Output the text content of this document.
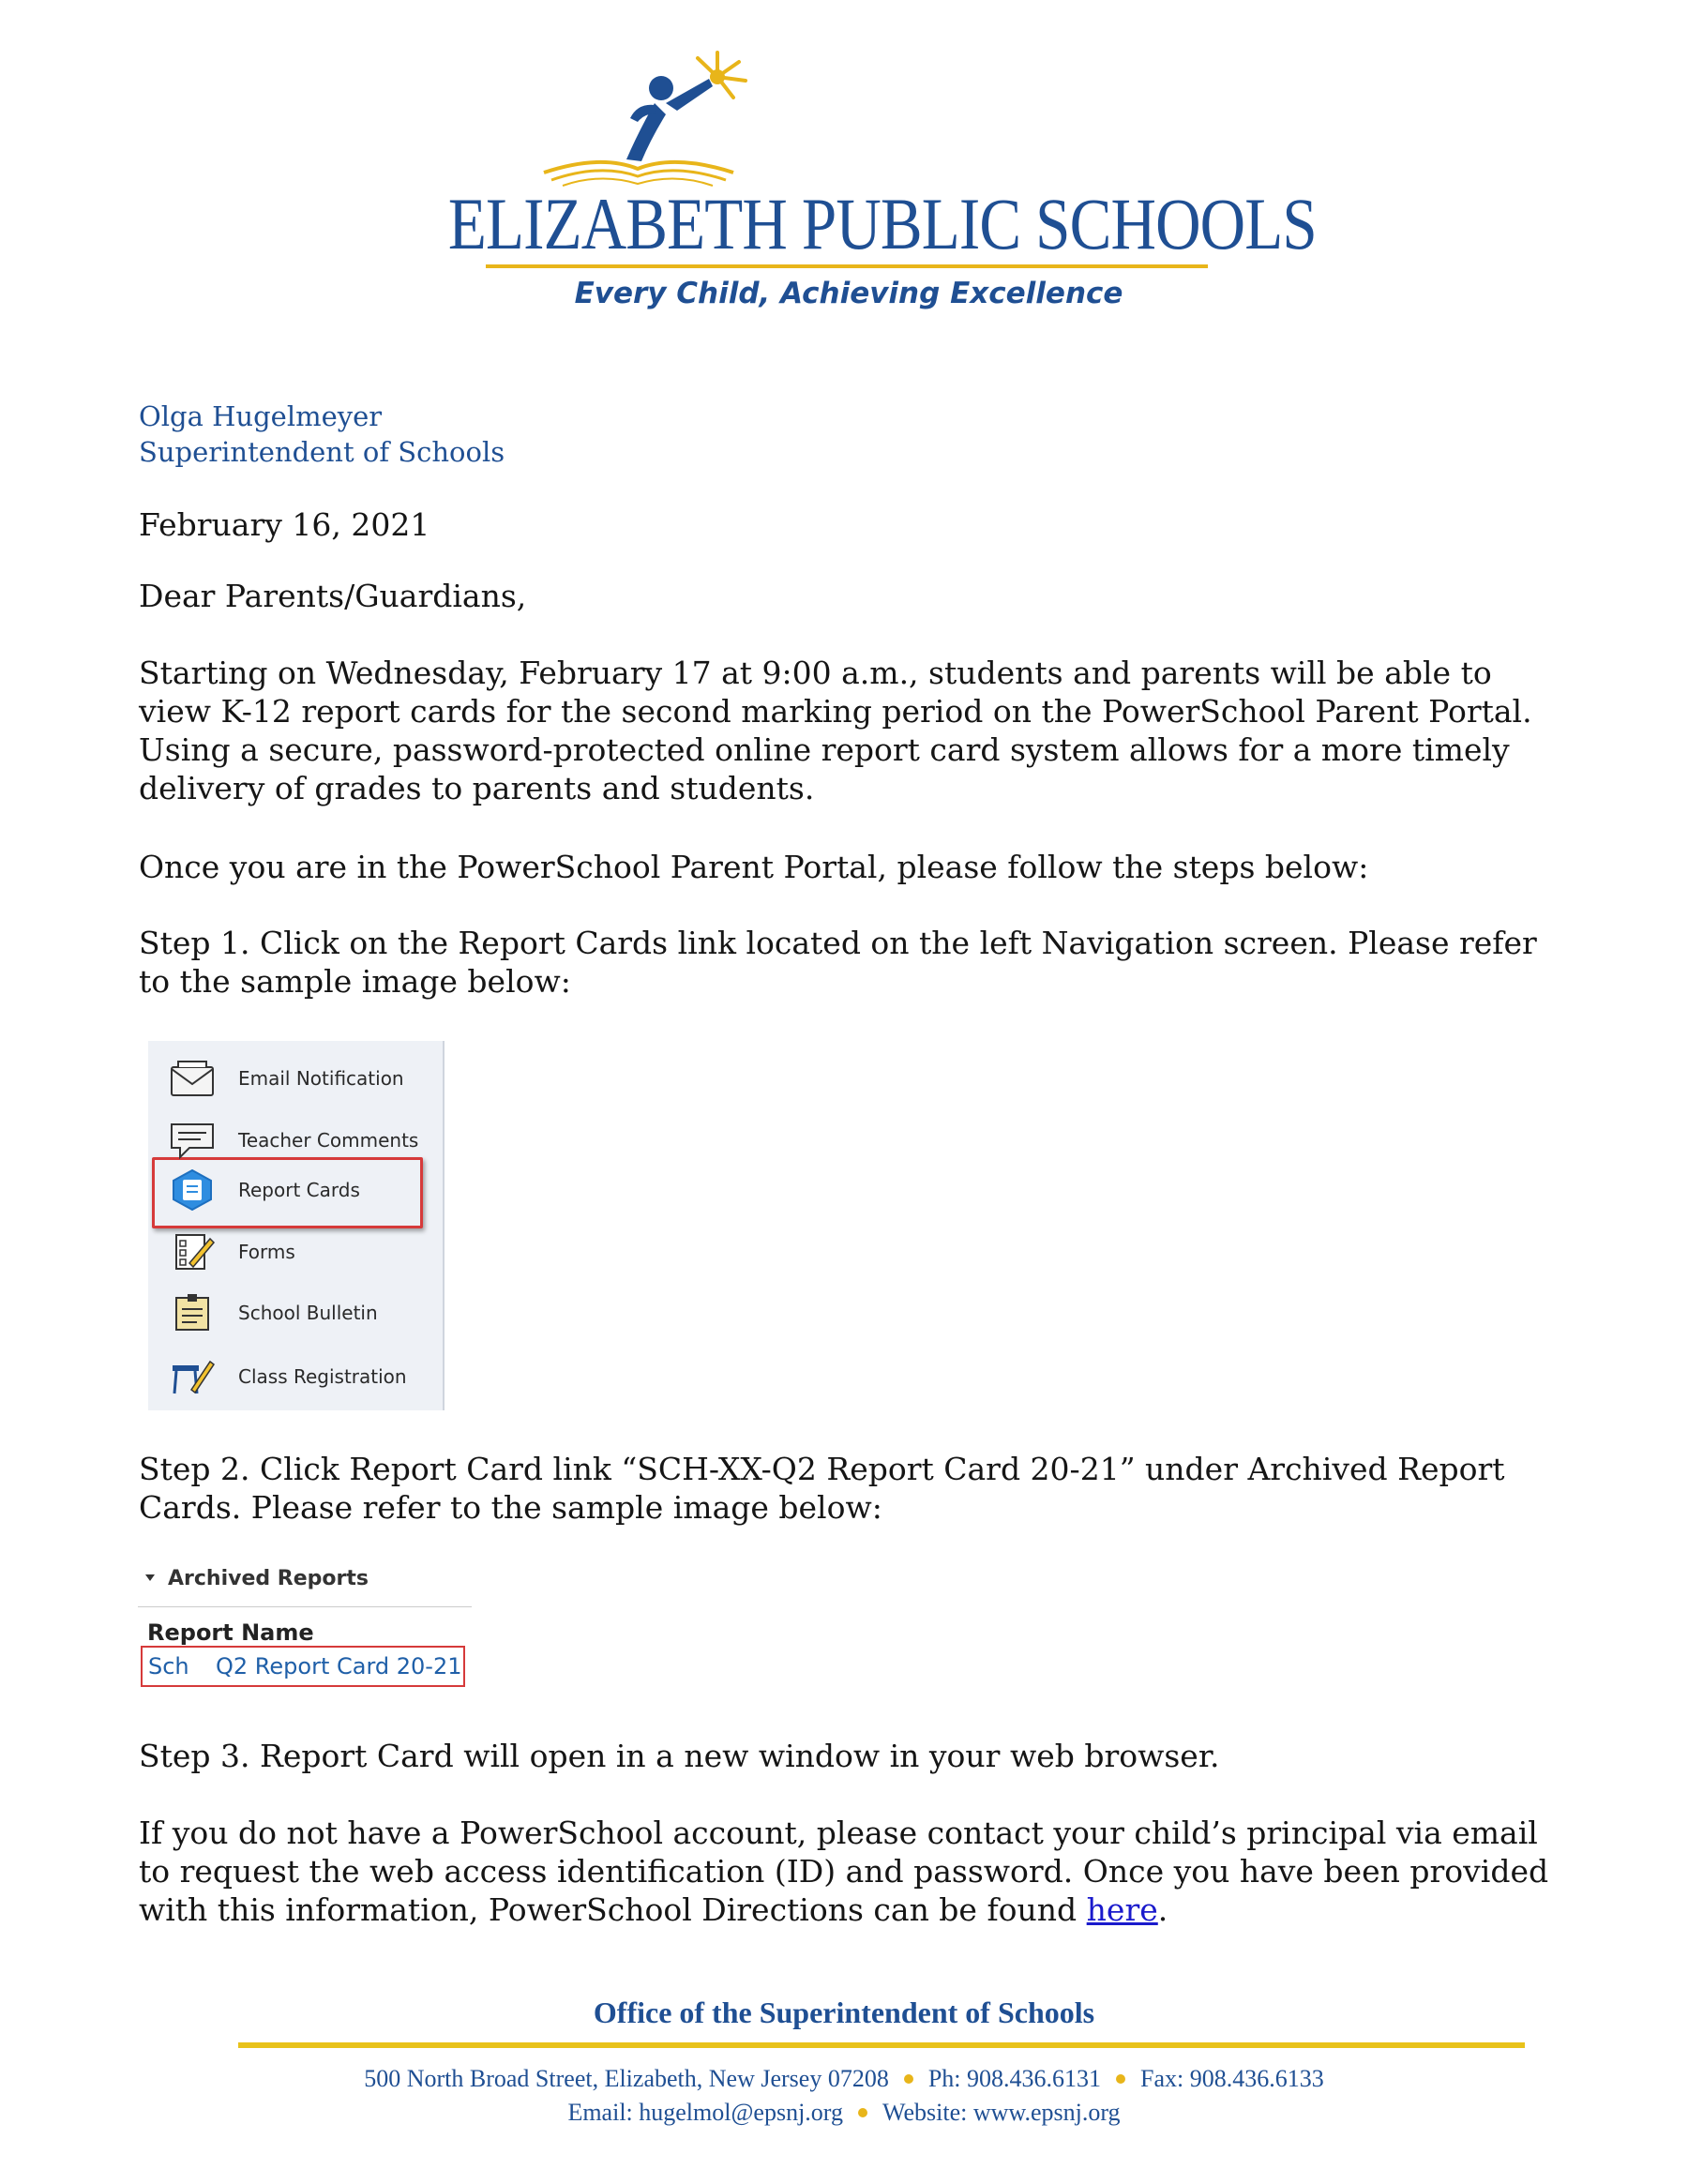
ELIZABETH PUBLIC SCHOOLS
Every Child, Achieving Excellence
Olga Hugelmeyer
Superintendent of Schools
February 16, 2021
Dear Parents/Guardians,
Starting on Wednesday, February 17 at 9:00 a.m., students and parents will be able to view K-12 report cards for the second marking period on the PowerSchool Parent Portal. Using a secure, password-protected online report card system allows for a more timely delivery of grades to parents and students.
Once you are in the PowerSchool Parent Portal, please follow the steps below:
Step 1. Click on the Report Cards link located on the left Navigation screen. Please refer to the sample image below:
Email Notification
Teacher Comments
Report Cards
Forms
School Bulletin
Class Registration
Step 2. Click Report Card link “SCH-XX-Q2 Report Card 20-21” under Archived Report Cards. Please refer to the sample image below:
Archived Reports
Report Name
Sch Q2 Report Card 20-21
Step 3. Report Card will open in a new window in your web browser.
If you do not have a PowerSchool account, please contact your child’s principal via email to request the web access identification (ID) and password. Once you have been provided with this information, PowerSchool Directions can be found here.
Office of the Superintendent of Schools
500 North Broad Street, Elizabeth, New Jersey 07208 Ph: 908.436.6131 Fax: 908.436.6133
Email: hugelmol@epsnj.org Website: www.epsnj.org
